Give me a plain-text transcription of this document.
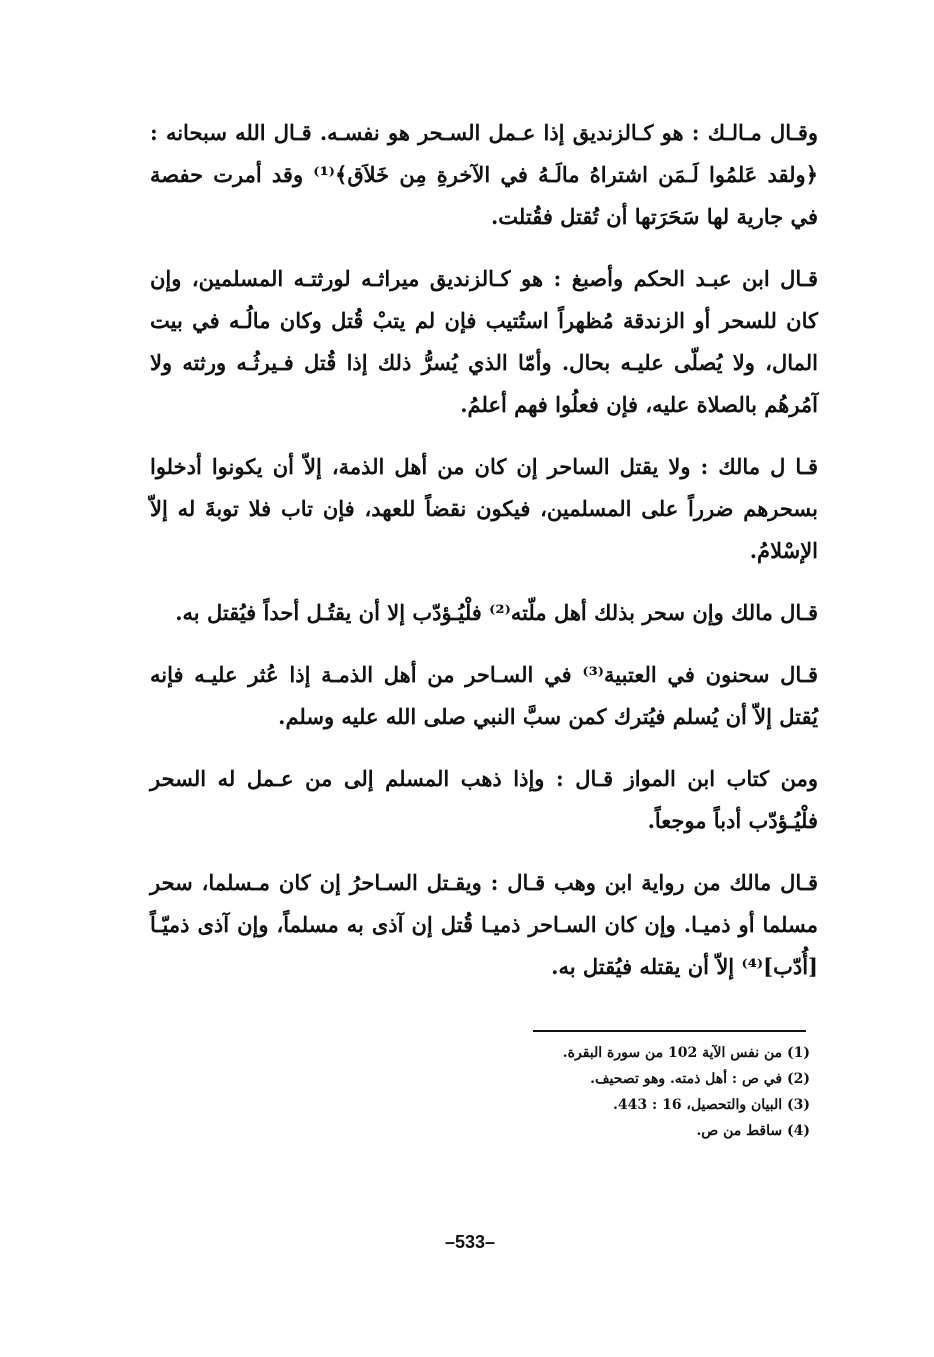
وقـال مـالـك : هو كـالزنديق إذا عـمل السـحر هو نفسـه. قـال الله سبحانه : ﴿ولقد عَلمُوا لَـمَن اشتراهُ مالَـهُ في الآخرةِ مِن خَلاَق﴾⁽¹⁾ وقد أمرت حفصة في جارية لها سَحَرَتها أن تُقتل فقُتلت.

قـال ابن عبـد الحكم وأصبغ : هو كـالزنديق ميراثـه لورثتـه المسلمين، وإن كان للسحر أو الزندقة مُظهراً استُتيب فإن لم يتبْ قُتل وكان مالُـه في بيت المال، ولا يُصلّى عليـه بحال. وأمّا الذي يُسرُّ ذلك إذا قُتل فـيرثُـه ورثته ولا آمُرهُم بالصلاة عليه، فإن فعلُوا فهم أعلمُ.

قـا ل مالك : ولا يقتل الساحر إن كان من أهل الذمة، إلاّ أن يكونوا أدخلوا بسحرهم ضرراً على المسلمين، فيكون نقضاً للعهد، فإن تاب فلا توبةَ له إلاّ الإسْلامُ.

قـال مالك وإن سحر بذلك أهل ملّته⁽²⁾ فلْيُـؤدّب إلا أن يقتُـل أحداً فيُقتل به.

قـال سحنون في العتبية⁽³⁾ في السـاحر من أهل الذمـة إذا عُثر عليـه فإنه يُقتل إلاّ أن يُسلم فيُترك كمن سبَّ النبي صلى الله عليه وسلم.

ومن كتاب ابن المواز قـال : وإذا ذهب المسلم إلى من عـمل له السحر فلْيُـؤدّب أدباً موجعاً.

قـال مالك من رواية ابن وهب قـال : ويقـتل السـاحرُ إن كان مـسلما، سحر مسلما أو ذميـا. وإن كان السـاحر ذميـا قُتل إن آذى به مسلماً، وإن آذى ذميّـاً [أُدّب]⁽⁴⁾ إلاّ أن يقتله فيُقتل به.

(1) من نفس الآية 102 من سورة البقرة.
(2) في ص : أهل ذمته. وهو تصحيف.
(3) البيان والتحصيل، 16 : 443.
(4) ساقط من ص.
–533–
